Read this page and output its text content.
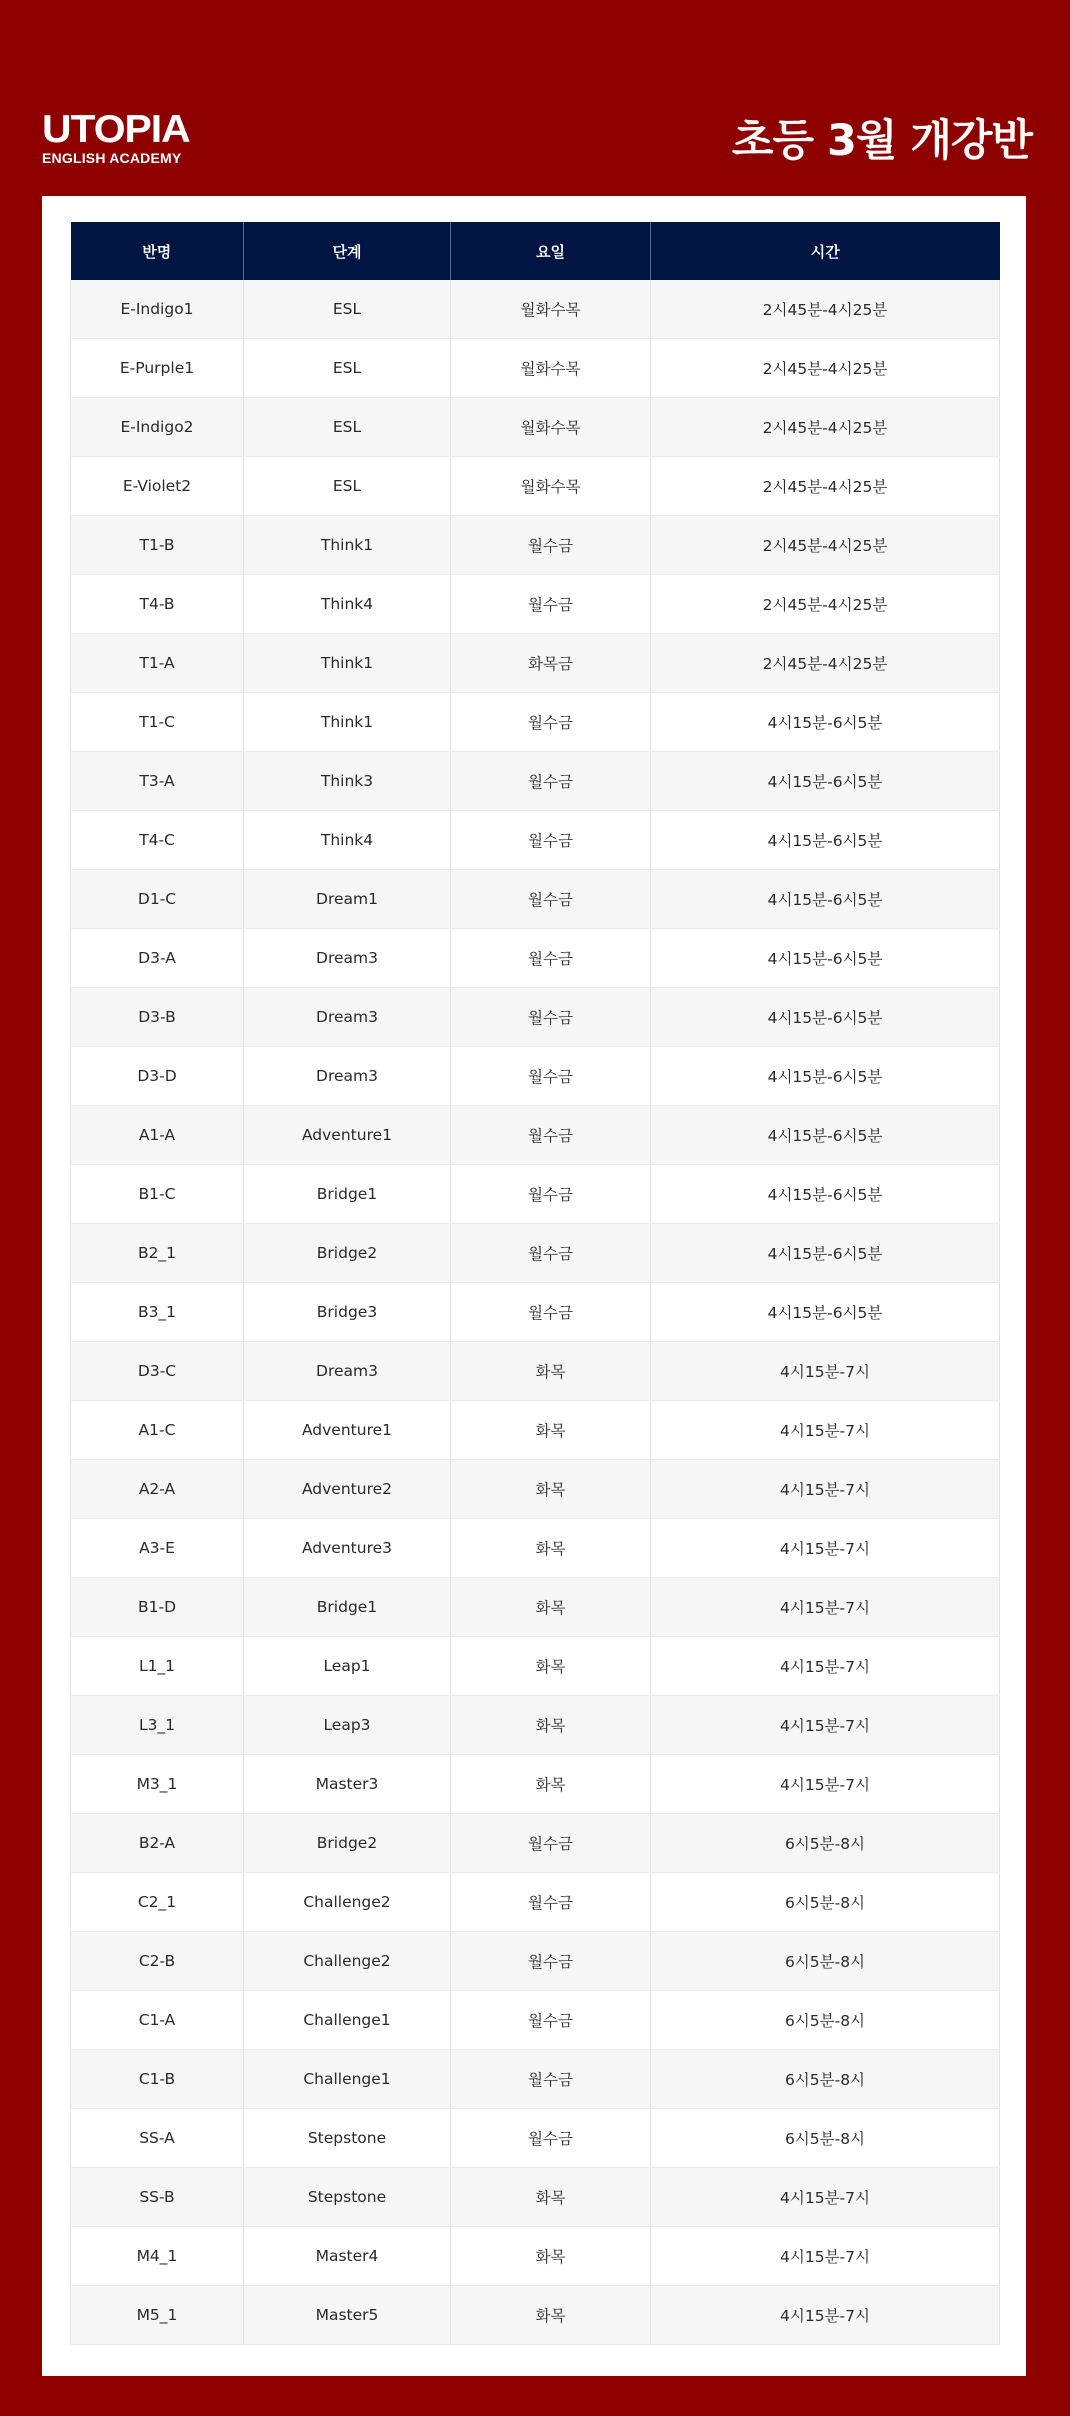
UTOPIA
ENGLISH ACADEMY	초등 3월 개강반
반명	단계	요일	시간
E-Indigo1	ESL	월화수목	2시45분-4시25분
E-Purple1	ESL	월화수목	2시45분-4시25분
E-Indigo2	ESL	월화수목	2시45분-4시25분
E-Violet2	ESL	월화수목	2시45분-4시25분
T1-B	Think1	월수금	2시45분-4시25분
T4-B	Think4	월수금	2시45분-4시25분
T1-A	Think1	화목금	2시45분-4시25분
T1-C	Think1	월수금	4시15분-6시5분
T3-A	Think3	월수금	4시15분-6시5분
T4-C	Think4	월수금	4시15분-6시5분
D1-C	Dream1	월수금	4시15분-6시5분
D3-A	Dream3	월수금	4시15분-6시5분
D3-B	Dream3	월수금	4시15분-6시5분
D3-D	Dream3	월수금	4시15분-6시5분
A1-A	Adventure1	월수금	4시15분-6시5분
B1-C	Bridge1	월수금	4시15분-6시5분
B2_1	Bridge2	월수금	4시15분-6시5분
B3_1	Bridge3	월수금	4시15분-6시5분
D3-C	Dream3	화목	4시15분-7시
A1-C	Adventure1	화목	4시15분-7시
A2-A	Adventure2	화목	4시15분-7시
A3-E	Adventure3	화목	4시15분-7시
B1-D	Bridge1	화목	4시15분-7시
L1_1	Leap1	화목	4시15분-7시
L3_1	Leap3	화목	4시15분-7시
M3_1	Master3	화목	4시15분-7시
B2-A	Bridge2	월수금	6시5분-8시
C2_1	Challenge2	월수금	6시5분-8시
C2-B	Challenge2	월수금	6시5분-8시
C1-A	Challenge1	월수금	6시5분-8시
C1-B	Challenge1	월수금	6시5분-8시
SS-A	Stepstone	월수금	6시5분-8시
SS-B	Stepstone	화목	4시15분-7시
M4_1	Master4	화목	4시15분-7시
M5_1	Master5	화목	4시15분-7시
